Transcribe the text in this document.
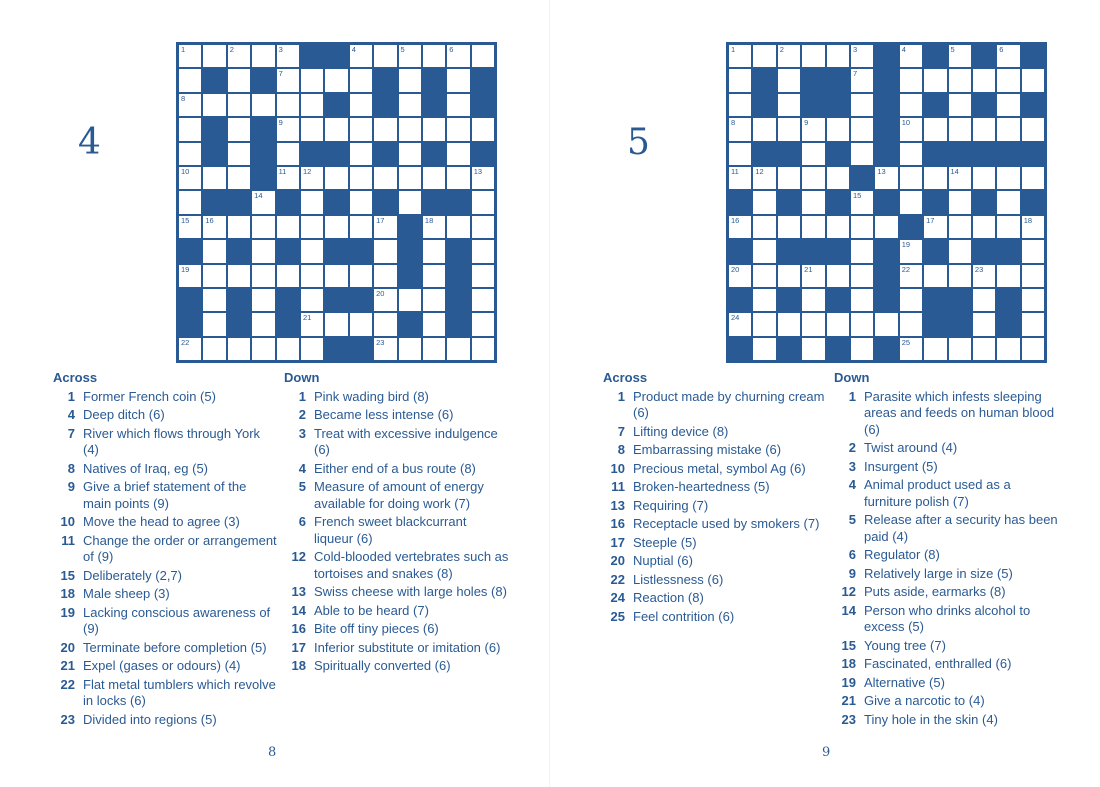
4
1	2	3	4	5	6
7
8
9
10	11 12	13
14
15 16	17	18
19
20
21
22	23
Across
1 Former French coin (5)
4 Deep ditch (6)
7 River which flows through York (4)
8 Natives of Iraq, eg (5)
9 Give a brief statement of the main points (9)
10 Move the head to agree (3)
11 Change the order or arrangement of (9)
15 Deliberately (2,7)
18 Male sheep (3)
19 Lacking conscious awareness of (9)
20 Terminate before completion (5)
21 Expel (gases or odours) (4)
22 Flat metal tumblers which revolve in locks (6)
23 Divided into regions (5)
Down
1 Pink wading bird (8)
2 Became less intense (6)
3 Treat with excessive indulgence (6)
4 Either end of a bus route (8)
5 Measure of amount of energy available for doing work (7)
6 French sweet blackcurrant liqueur (6)
12 Cold-blooded vertebrates such as tortoises and snakes (8)
13 Swiss cheese with large holes (8)
14 Able to be heard (7)
16 Bite off tiny pieces (6)
17 Inferior substitute or imitation (6)
18 Spiritually converted (6)
8
5
1	2	3	4	5	6
7
8	9	10
11 12	13	14
15
16	17	18
19
20	21	22	23
24
25
Across
1 Product made by churning cream (6)
7 Lifting device (8)
8 Embarrassing mistake (6)
10 Precious metal, symbol Ag (6)
11 Broken-heartedness (5)
13 Requiring (7)
16 Receptacle used by smokers (7)
17 Steeple (5)
20 Nuptial (6)
22 Listlessness (6)
24 Reaction (8)
25 Feel contrition (6)
Down
1 Parasite which infests sleeping areas and feeds on human blood (6)
2 Twist around (4)
3 Insurgent (5)
4 Animal product used as a furniture polish (7)
5 Release after a security has been paid (4)
6 Regulator (8)
9 Relatively large in size (5)
12 Puts aside, earmarks (8)
14 Person who drinks alcohol to excess (5)
15 Young tree (7)
18 Fascinated, enthralled (6)
19 Alternative (5)
21 Give a narcotic to (4)
23 Tiny hole in the skin (4)
9
